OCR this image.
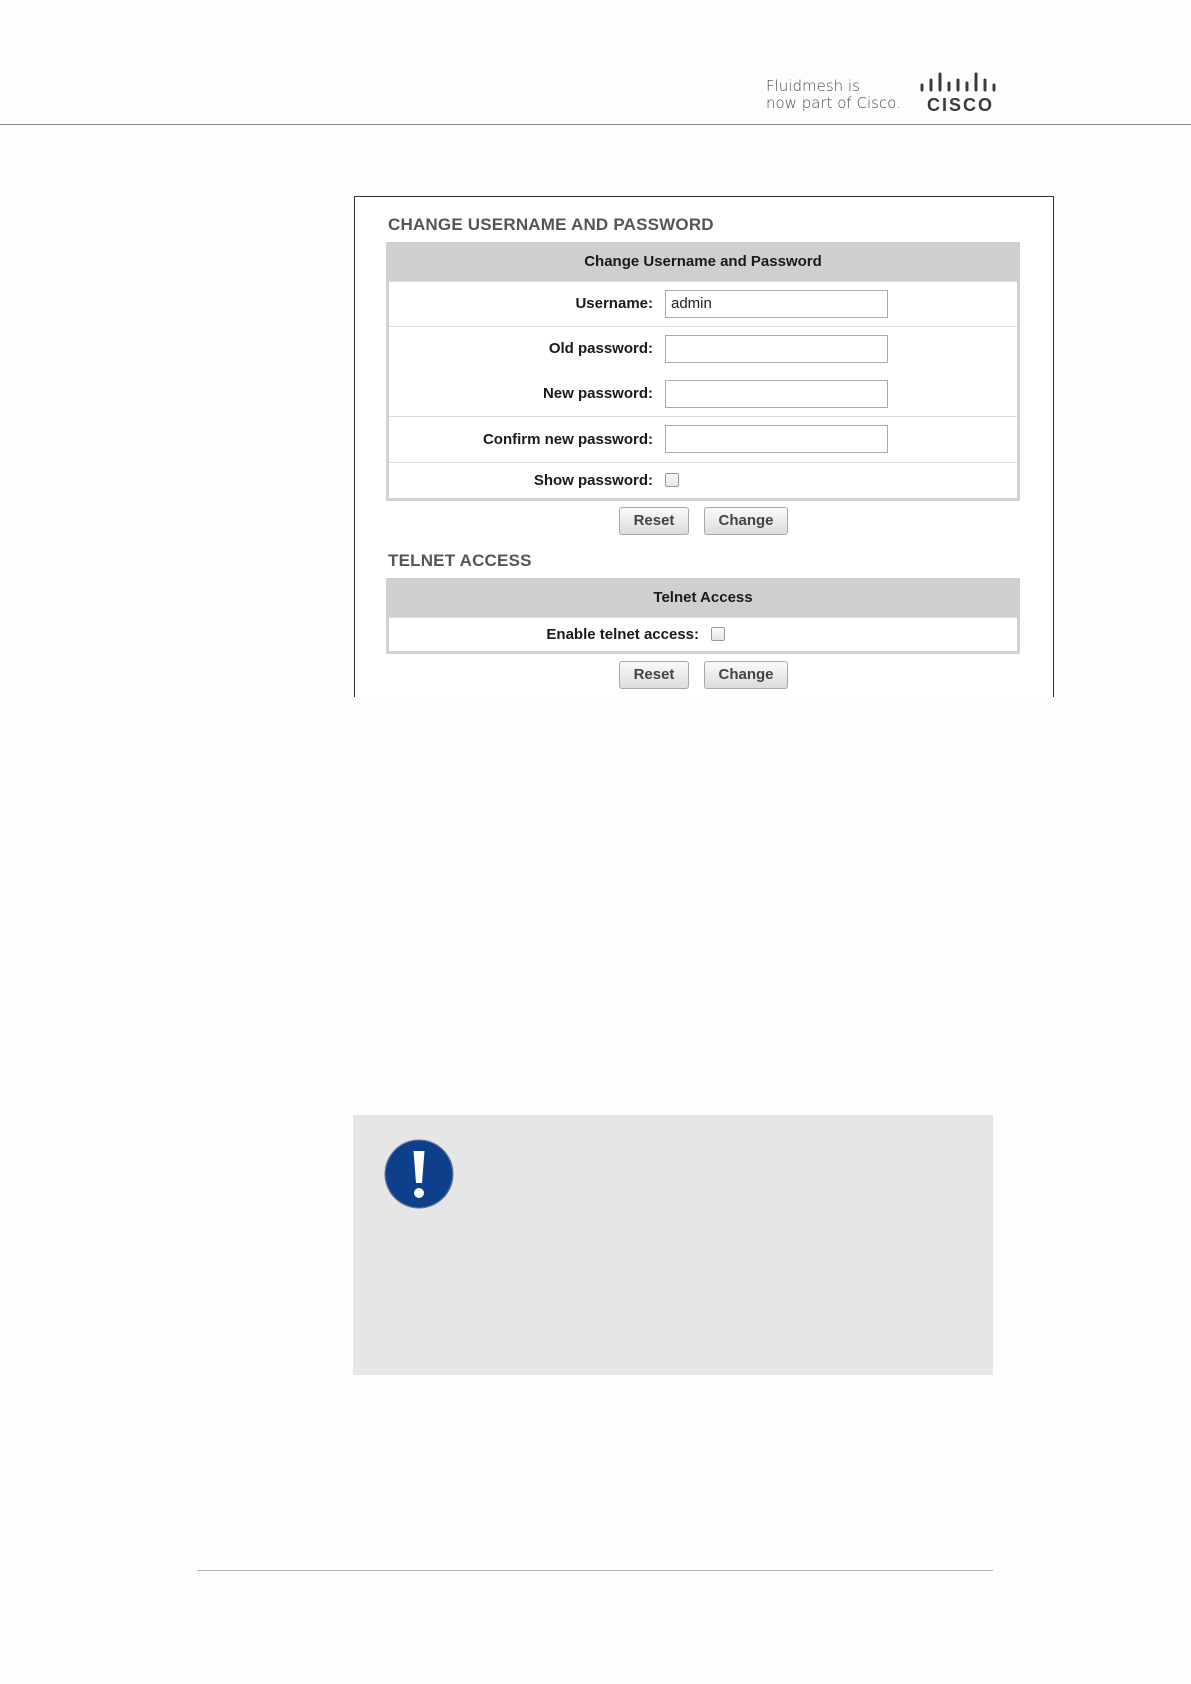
Fluidmesh is
now part of Cisco. CISCO
CHANGE USERNAME AND PASSWORD
Change Username and Password
Username:	admin
Old password:
New password:
Confirm new password:
Show password:
Reset	Change
TELNET ACCESS
Telnet Access
Enable telnet access:
Reset	Change
